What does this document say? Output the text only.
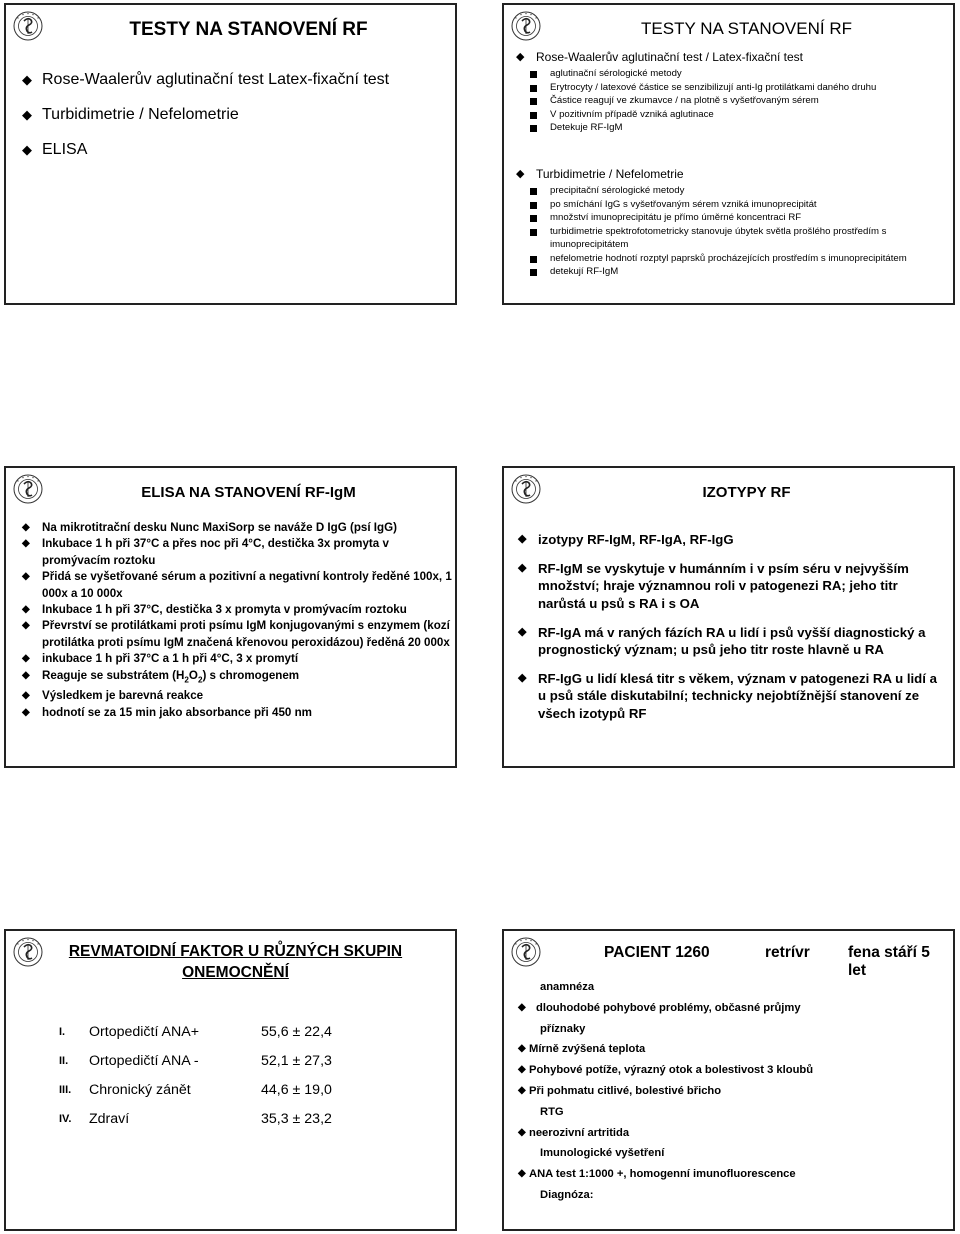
TESTY NA STANOVENÍ RF
◆ Rose-Waalerův aglutinační test Latex-fixační test
◆ Turbidimetrie / Nefelometrie
◆ ELISA
TESTY NA STANOVENÍ RF
◆ Rose-Waalerův aglutinační test / Latex-fixační test
aglutinační sérologické metody
Erytrocyty / latexové částice se senzibilizují anti-Ig protilátkami daného druhu
Částice reagují ve zkumavce / na plotně s vyšetřovaným sérem
V pozitivním případě vzniká aglutinace
Detekuje RF-IgM
◆ Turbidimetrie / Nefelometrie
precipitační sérologické metody
po smíchání IgG s vyšetřovaným sérem vzniká imunoprecipitát
množství imunoprecipitátu je přímo úměrné koncentraci RF
turbidimetrie spektrofotometricky stanovuje úbytek světla prošlého prostředím s imunoprecipitátem
nefelometrie hodnotí rozptyl paprsků procházejících prostředím s imunoprecipitátem
detekují RF-IgM
ELISA NA STANOVENÍ RF-IgM
◆ Na mikrotitrační desku Nunc MaxiSorp se naváže D IgG (psí IgG)
◆ Inkubace 1 h při 37°C a přes noc při 4°C, destička 3x promyta v promývacím roztoku
◆ Přidá se vyšetřované sérum a pozitivní a negativní kontroly ředěné 100x, 1 000x a 10 000x
◆ Inkubace 1 h při 37°C, destička 3 x promyta v promývacím roztoku
◆ Převrství se protilátkami proti psímu IgM konjugovanými s enzymem (kozí protilátka proti psímu IgM značená křenovou peroxidázou) ředěná 20 000x
◆ inkubace 1 h při 37°C a 1 h při 4°C, 3 x promytí
◆ Reaguje se substrátem $(H_2O_2)$ s chromogenem
◆ Výsledkem je barevná reakce
◆ hodnotí se za 15 min jako absorbance při 450 nm
IZOTYPY RF
◆ izotypy RF-IgM, RF-IgA, RF-IgG
◆ RF-IgM se vyskytuje v humánním i v psím séru v nejvyšším množství; hraje významnou roli v patogenezi RA; jeho titr narůstá u psů s RA i s OA
◆ RF-IgA má v raných fázích RA u lidí i psů vyšší diagnostický a prognostický význam; u psů jeho titr roste hlavně u RA
◆ RF-IgG u lidí klesá titr s věkem, význam v patogenezi RA u lidí a u psů stále diskutabilní; technicky nejobtížnější stanovení ze všech izotypů RF
REVMATOIDNÍ FAKTOR U RŮZNÝCH SKUPIN ONEMOCNĚNÍ
I.	Ortopedičtí ANA+	55,6 ± 22,4
II.	Ortopedičtí ANA -	52,1 ± 27,3
III.	Chronický zánět	44,6 ± 19,0
IV.	Zdraví	35,3 ± 23,2
PACIENT 1260	retrívr fena stáří 5 let
anamnéza
◆ dlouhodobé pohybové problémy, občasné průjmy
příznaky
◆ Mírně zvýšená teplota
◆ Pohybové potíže, výrazný otok a bolestivost 3 kloubů
◆ Při pohmatu citlivé, bolestivé břicho
RTG
◆ neerozivní artritida
Imunologické vyšetření
◆ ANA test 1:1000 +, homogenní imunofluorescence
Diagnóza:
